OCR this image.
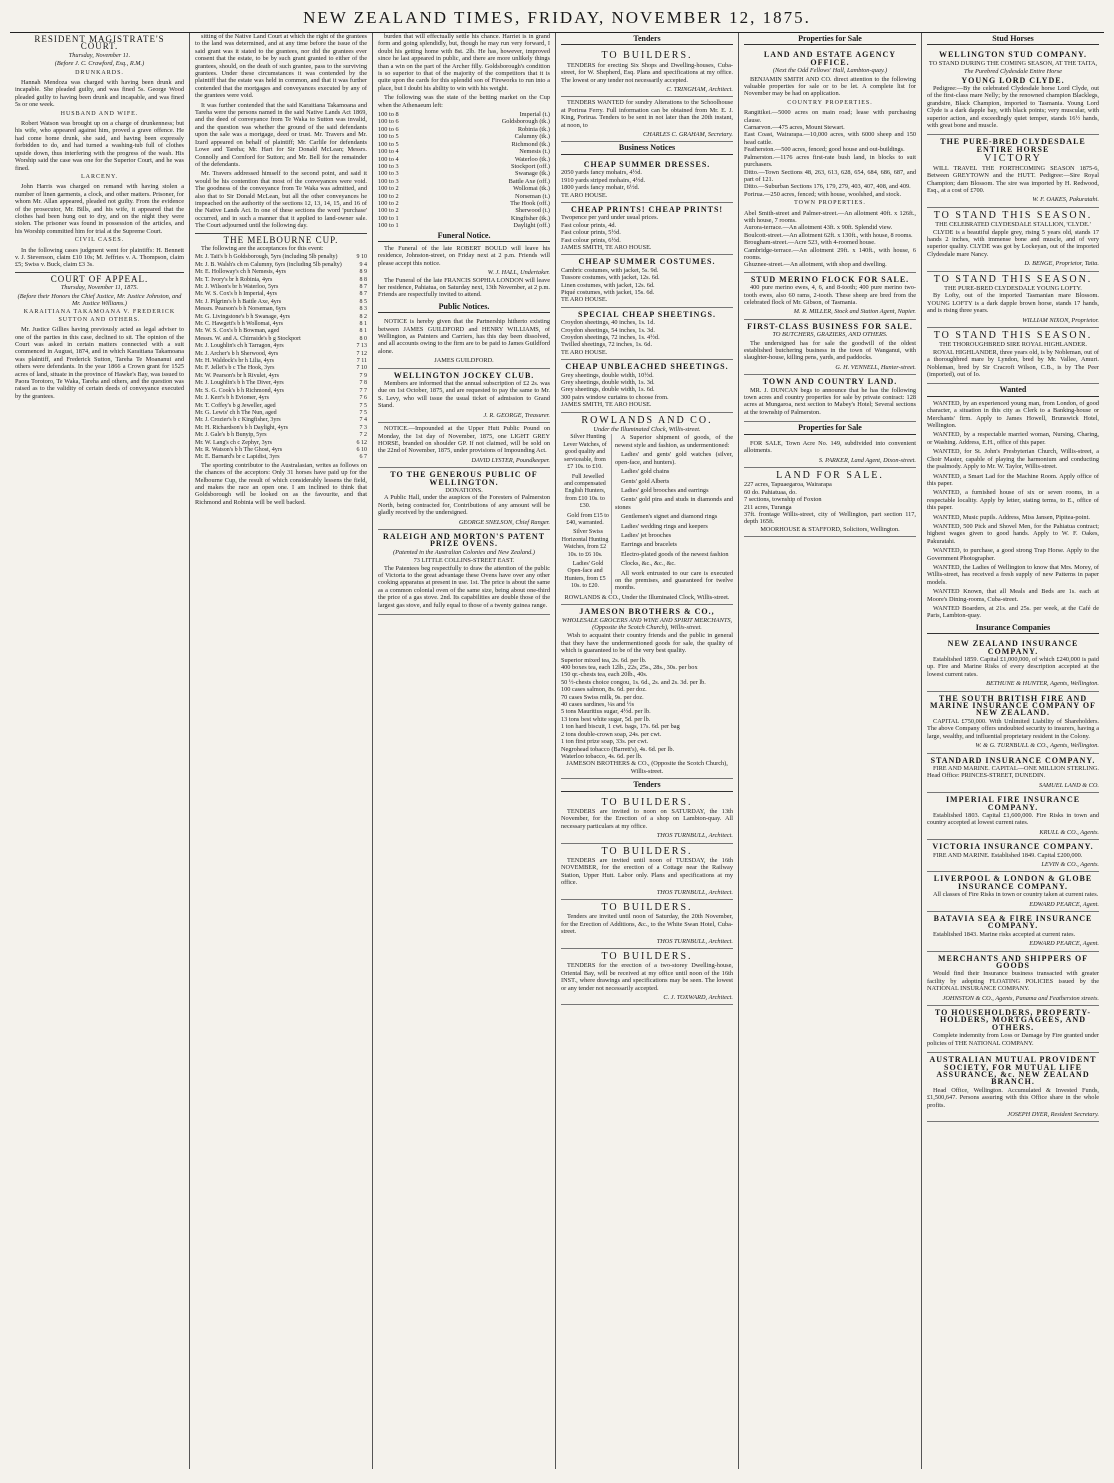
NEW ZEALAND TIMES, FRIDAY, NOVEMBER 12, 1875.
RESIDENT MAGISTRATE'S COURT.
Thursday, November 11.
(Before J. C. Crawford, Esq., R.M.)
DRUNKARDS.

Hannah Mendoza was charged with having been drunk and incapable. She pleaded guilty, and was fined 5s. George Wood pleaded guilty to having been drunk and incapable, and was fined 5s or one week.

HUSBAND AND WIFE.

Robert Watson was brought up on a charge of drunkenness; but his wife, who appeared against him, proved a grave offence. He had come home drunk, she said, and having been expressly forbidden to do, and had turned a washing-tub full of clothes upside down, thus interfering with the progress of the wash. His Worship said the case was one for the Superior Court, and he was fined.

LARCENY.

John Harris was charged on remand with having stolen a number of linen garments, a clock, and other matters. Prisoner, for whom Mr. Allan appeared, pleaded not guilty. From the evidence of the prosecutor, Mr. Bills, and his wife, it appeared that the clothes had been hung out to dry, and on the night they were stolen. The prisoner was found in possession of the articles, and his Worship committed him for trial at the Supreme Court.

CIVIL CASES.

In the following cases judgment went for plaintiffs: H. Bennett v. J. Stevenson, claim £10 10s; M. Jeffries v. A. Thompson, claim £5; Swiss v. Buck, claim £3 3s.

COURT OF APPEAL.
Thursday, November 11, 1875.
(Before their Honors the Chief Justice, Mr. Justice Johnston, and Mr. Justice Williams.)
KARAITIANA TAKAMOANA V. FREDERICK SUTTON AND OTHERS.

Mr. Justice Gillies having previously acted as legal adviser to one of the parties in this case, declined to sit. The opinion of the Court was asked in certain matters connected with a suit commenced in August, 1874, and in which Karaitiana Takamoana was plaintiff, and Frederick Sutton, Tareha Te Moananui and others were defendants. In the year 1866 a Crown grant for 1525 acres of land, situate in the province of Hawke's Bay, was issued to Paora Torotoro, Te Waka, Tareha and others, and the question was raised as to the validity of certain deeds of conveyance executed by the grantees.

sitting of the Native Land Court at which the right of the grantees to the land was determined, and at any time before the issue of the said grant was it stated to the grantees, nor did the grantees ever consent that the estate, to be by such grant granted to either of the grantees, should, on the death of such grantee, pass to the surviving grantees. Under these circumstances it was contended by the plaintiff that the estate was held in common, and that it was further contended that the mortgages and conveyances executed by any of the grantees were void.

It was further contended that the said Karaitiana Takamoana and Tareha were the persons named in the said Native Lands Act 1869, and the deed of conveyance from Te Waka to Sutton was invalid, and the question was whether the ground of the said defendants upon the sale was a mortgage, deed or trust. Mr. Travers and Mr. Izard appeared on behalf of plaintiff; Mr. Carlile for defendants Lowe and Tareha; Mr. Hart for Sir Donald McLean; Messrs. Connolly and Cornford for Sutton; and Mr. Bell for the remainder of the defendants.

Mr. Travers addressed himself to the second point, and said it would be his contention that most of the conveyances were void. The goodness of the conveyance from Te Waka was admitted, and also that to Sir Donald McLean, but all the other conveyances he impeached on the authority of the sections 12, 13, 14, 15, and 16 of the Native Lands Act. In one of these sections the word 'purchase' occurred, and in such a manner that it applied to land-owner sale. The Court adjourned until the following day.

THE MELBOURNE CUP.

The following are the acceptances for this event:

Mr. J. Tait's b h Goldsborough, 5yrs (including 5lb penalty)	9 10
Mr. J. B. Walsh's ch m Calumny, 6yrs (including 5lb penalty)	9 4
Mr. E. Holloway's ch h Nemesis, 4yrs	8 9
Mr. T. Ivory's br h Robinia, 4yrs	8 8
Mr. J. Wilson's br h Waterloo, 5yrs	8 7
Mr. W. S. Cox's b h Imperial, 4yrs	8 7
Mr. J. Pilgrim's b h Battle Axe, 4yrs	8 5
Messrs. Pearson's b h Norseman, 6yrs	8 3
Mr. G. Livingstone's b h Swanage, 4yrs	8 2
Mr. C. Hawgett's b h Wollomai, 4yrs	8 1
Mr. W. S. Cox's b h Bowman, aged	8 1
Messrs. W. and A. Chirnside's b g Stockport	8 0
Mr. J. Loughlin's ch h Tarragon, 4yrs	7 13
Mr. J. Archer's b h Sherwood, 4yrs	7 12
Mr. H. Waldock's br h Lilia, 4yrs	7 11
Mr. F. Jellet's b c The Hook, 3yrs	7 10
Mr. W. Pearson's br h Rivulet, 4yrs	7 9
Mr. J. Loughlin's b h The Diver, 4yrs	7 8
Mr. S. G. Cook's b h Richmond, 4yrs	7 7
Mr. J. Kerr's b h Eviomer, 4yrs	7 6
Mr. T. Coffey's b g Jeweller, aged	7 5
Mr. G. Lewis' ch h The Nun, aged	7 5
Mr. J. Crozier's b c Kingfisher, 3yrs	7 4
Mr. H. Richardson's b h Daylight, 4yrs	7 3
Mr. J. Gale's b h Bunyip, 5yrs	7 2
Mr. W. Lang's ch c Zephyr, 3yrs	6 12
Mr. R. Watson's b h The Ghost, 4yrs	6 10
Mr. E. Barnard's br c Lapidist, 3yrs	6 7

The sporting contributor to the Australasian, writes as follows on the chances of the acceptors: Only 31 horses have paid up for the Melbourne Cup, the result of which considerably lessens the field, and makes the race an open one. I am inclined to think that Goldsborough will be looked on as the favourite, and that Richmond and Robinia will be well backed.

burden that will effectually settle his chance. Harriet is in grand form and going splendidly, but, though he may run very forward, I doubt his getting home with 8st. 2lb. He has, however, improved since he last appeared in public, and there are more unlikely things than a win on the part of the Archer filly. Goldsborough's condition is so superior to that of the majority of the competitors that it is quite upon the cards for this splendid son of Fireworks to run into a place, but I doubt his ability to win with his weight.

The following was the state of the betting market on the Cup when the Athenaeum left:

100 to 8	Imperial (t.)
100 to 6	Goldsborough (tk.)
100 to 6	Robinia (tk.)
100 to 5	Calumny (tk.)
100 to 5	Richmond (tk.)
100 to 4	Nemesis (t.)
100 to 4	Waterloo (tk.)
100 to 3	Stockport (off.)
100 to 3	Swanage (tk.)
100 to 3	Battle Axe (off.)
100 to 2	Wollomai (tk.)
100 to 2	Norseman (t.)
100 to 2	The Hook (off.)
100 to 2	Sherwood (t.)
100 to 1	Kingfisher (tk.)
100 to 1	Daylight (off.)
Funeral Notice.

The Funeral of the late ROBERT BOULD will leave his residence, Johnston-street, on Friday next at 2 p.m. Friends will please accept this notice.

W. J. HALL, Undertaker.

The Funeral of the late FRANCIS SOPHIA LONDON will leave her residence, Pahiatua, on Saturday next, 13th November, at 2 p.m. Friends are respectfully invited to attend.

Public Notices.

NOTICE is hereby given that the Partnership hitherto existing between JAMES GUILDFORD and HENRY WILLIAMS, of Wellington, as Painters and Carriers, has this day been dissolved, and all accounts owing to the firm are to be paid to James Guildford alone.

JAMES GUILDFORD.
WELLINGTON JOCKEY CLUB.

Members are informed that the annual subscription of £2 2s. was due on 1st October, 1875, and are requested to pay the same to Mr. S. Levy, who will issue the usual ticket of admission to Grand Stand.

J. R. GEORGE, Treasurer.

NOTICE.—Impounded at the Upper Hutt Public Pound on Monday, the 1st day of November, 1875, one LIGHT GREY HORSE, branded on shoulder GP. If not claimed, will be sold on the 22nd of November, 1875, under provisions of Impounding Act.

DAVID LYSTER, Poundkeeper.
TO THE GENEROUS PUBLIC OF WELLINGTON.
DONATIONS.

A Public Hall, under the auspices of the Foresters of Palmerston North, being contracted for, Contributions of any amount will be gladly received by the undersigned.

GEORGE SNELSON, Chief Ranger.
RALEIGH AND MORTON'S PATENT PRIZE OVENS.
(Patented in the Australian Colonies and New Zealand.)
73 LITTLE COLLINS-STREET EAST.

The Patentees beg respectfully to draw the attention of the public of Victoria to the great advantage these Ovens have over any other cooking apparatus at present in use. 1st. The price is about the same as a common colonial oven of the same size, being about one-third the price of a gas stove. 2nd. Its capabilities are double those of the largest gas stove, and fully equal to those of a twenty guinea range.

Tenders
TO BUILDERS.

TENDERS for erecting Six Shops and Dwelling-houses, Cuba-street, for W. Shepherd, Esq. Plans and specifications at my office. The lowest or any tender not necessarily accepted.

C. TRINGHAM, Architect.

TENDERS WANTED for sundry Alterations to the Schoolhouse at Porirua Ferry. Full information can be obtained from Mr. E. J. King, Porirua. Tenders to be sent in not later than the 20th instant, at noon, to

CHARLES C. GRAHAM, Secretary.
Business Notices
CHEAP SUMMER DRESSES.
2050 yards fancy mohairs, 4½d.
1910 yards striped mohairs, 4½d.
1800 yards fancy mohair, 6½d.
TE ARO HOUSE.
CHEAP PRINTS! CHEAP PRINTS!
Twopence per yard under usual prices.
Fast colour prints, 4d.
Fast colour prints, 5½d.
Fast colour prints, 6½d.
JAMES SMITH, TE ARO HOUSE.
CHEAP SUMMER COSTUMES.
Cambric costumes, with jacket, 5s. 9d.
Tussore costumes, with jacket, 12s. 6d.
Linen costumes, with jacket, 12s. 6d.
Piqué costumes, with jacket, 15s. 6d.
TE ARO HOUSE.
SPECIAL CHEAP SHEETINGS.
Croydon sheetings, 40 inches, 1s. 1d.
Croydon sheetings, 54 inches, 1s. 3d.
Croydon sheetings, 72 inches, 1s. 4½d.
Twilled sheetings, 72 inches, 1s. 6d.
TE ARO HOUSE.
CHEAP UNBLEACHED SHEETINGS.
Grey sheetings, double width, 10½d.
Grey sheetings, double width, 1s. 3d.
Grey sheetings, double width, 1s. 6d.
300 pairs window curtains to choose from.
JAMES SMITH, TE ARO HOUSE.
ROWLANDS AND CO.
Under the Illuminated Clock, Willis-street.

Silver Hunting Lever Watches, of good quality and serviceable, from £7 10s. to £10.

Full Jewelled and compensated English Hunters, from £10 10s. to £30.

Gold from £15 to £40, warranted.

Silver Swiss Horizontal Hunting Watches, from £2 10s. to £6 10s.

Ladies' Gold Open-face and Hunters, from £5 10s. to £20.

A Superior shipment of goods, of the newest style and fashion, as undermentioned:

Ladies' and gents' gold watches (silver, open-face, and hunters).

Ladies' gold chains

Gents' gold Alberts

Ladies' gold brooches and earrings

Gents' gold pins and studs in diamonds and stones

Gentlemen's signet and diamond rings

Ladies' wedding rings and keepers

Ladies' jet brooches

Earrings and bracelets

Electro-plated goods of the newest fashion

Clocks, &c., &c., &c.

All work entrusted to our care is executed on the premises, and guaranteed for twelve months.

ROWLANDS & CO., Under the Illuminated Clock, Willis-street.
JAMESON BROTHERS & CO.,
WHOLESALE GROCERS AND WINE AND SPIRIT MERCHANTS, (Opposite the Scotch Church), Willis-street.

Wish to acquaint their country friends and the public in general that they have the undermentioned goods for sale, the quality of which is guaranteed to be of the very best quality.

Superior mixed tea, 2s. 6d. per lb.
400 boxes tea, each 12lb., 22s, 25s., 28s., 30s. per box
150 qr.-chests tea, each 20lb., 40s.
50 ½-chests choice congou, 1s. 6d., 2s. and 2s. 3d. per lb.
100 cases salmon, 8s. 6d. per doz.
70 cases Swiss milk, 9s. per doz.
40 cases sardines, ¼s and ½s
5 tons Mauritius sugar, 4½d. per lb.
13 tons best white sugar, 5d. per lb.
1 ton hard biscuit, 1 cwt. bags, 17s. 6d. per bag
2 tons double-crown soap, 24s. per cwt.
1 ton first prize soap, 33s. per cwt.
Negrohead tobacco (Barrett's), 4s. 6d. per lb.
Waterloo tobacco, 4s. 6d. per lb.
JAMESON BROTHERS & CO., (Opposite the Scotch Church), Willis-street.
Tenders
TO BUILDERS.

TENDERS are invited to noon on SATURDAY, the 13th November, for the Erection of a shop on Lambton-quay. All necessary particulars at my office.

THOS TURNBULL, Architect.
TO BUILDERS.

TENDERS are invited until noon of TUESDAY, the 16th NOVEMBER, for the erection of a Cottage near the Railway Station, Upper Hutt. Labor only. Plans and specifications at my office.

THOS TURNBULL, Architect.
TO BUILDERS.

Tenders are invited until noon of Saturday, the 20th November, for the Erection of Additions, &c., to the White Swan Hotel, Cuba-street.

THOS TURNBULL, Architect.
TO BUILDERS.

TENDERS for the erection of a two-storey Dwelling-house, Oriental Bay, will be received at my office until noon of the 16th INST., where drawings and specifications may be seen. The lowest or any tender not necessarily accepted.

C. J. TOXWARD, Architect.
Properties for Sale
LAND AND ESTATE AGENCY OFFICE.
(Next the Odd Fellows' Hall, Lambton-quay.)

BENJAMIN SMITH AND CO. direct attention to the following valuable properties for sale or to be let. A complete list for November may be had on application.

COUNTRY PROPERTIES.
Rangitikei.—5000 acres on main road; lease with purchasing clause.
Carnarvon.—475 acres, Mount Stewart.
East Coast, Wairarapa.—10,000 acres, with 6000 sheep and 150 head cattle.
Featherston.—500 acres, fenced; good house and out-buildings.
Palmerston.—1176 acres first-rate bush land, in blocks to suit purchasers.
Ditto.—Town Sections 48, 263, 613, 628, 654, 684, 686, 687, and part of 121.
Ditto.—Suburban Sections 176, 179, 279, 403, 407, 408, and 409.
Porirua.—250 acres, fenced; with house, woolshed, and stock.
TOWN PROPERTIES.
Abel Smith-street and Palmer-street.—An allotment 40ft. x 126ft., with house, 7 rooms.
Aurora-terrace.—An allotment 43ft. x 90ft. Splendid view.
Boulcott-street.—An allotment 62ft. x 130ft., with house, 8 rooms.
Brougham-street.—Acre 523, with 4-roomed house.
Cambridge-terrace.—An allotment 29ft. x 140ft., with house, 6 rooms.
Ghuznee-street.—An allotment, with shop and dwelling.
STUD MERINO FLOCK FOR SALE.

400 pure merino ewes, 4, 6, and 8-tooth; 400 pure merino two-tooth ewes, also 60 rams, 2-tooth. These sheep are bred from the celebrated flock of Mr. Gibson, of Tasmania.

M. R. MILLER, Stock and Station Agent, Napier.
FIRST-CLASS BUSINESS FOR SALE.
TO BUTCHERS, GRAZIERS, AND OTHERS.

The undersigned has for sale the goodwill of the oldest established butchering business in the town of Wanganui, with slaughter-house, killing pens, yards, and paddocks.

G. H. VENNELL, Hunter-street.
TOWN AND COUNTRY LAND.

MR. J. DUNCAN begs to announce that he has the following town acres and country properties for sale by private contract: 128 acres at Mungaroa, next section to Mabey's Hotel; Several sections at the township of Palmerston.

Properties for Sale

FOR SALE, Town Acre No. 149, subdivided into convenient allotments.

S. PARKER, Land Agent, Dixon-street.
LAND FOR SALE.
227 acres, Tapuaegaroa, Wairarapa
60 do. Pahiatuaa, do.
7 sections, township of Foxton
211 acres, Turanga
37ft. frontage Willis-street, city of Wellington, part section 117, depth 165ft.
MOORHOUSE & STAFFORD, Solicitors, Wellington.
Stud Horses
WELLINGTON STUD COMPANY.
TO STAND DURING THE COMING SEASON, AT THE TAITA,
The Purebred Clydesdale Entire Horse
YOUNG LORD CLYDE.

Pedigree:—By the celebrated Clydesdale horse Lord Clyde, out of the first-class mare Nelly; by the renowned champion Blacklegs, grandsire, Black Champion, imported to Tasmania. Young Lord Clyde is a dark dapple bay, with black points; very muscular, with superior action, and exceedingly quiet temper, stands 16½ hands, with great bone and muscle.

THE PURE-BRED CLYDESDALE ENTIRE HORSE
VICTORY

WILL TRAVEL THE FORTHCOMING SEASON 1875-6, Between GREYTOWN and the HUTT. Pedigree:—Sire Royal Champion; dam Blossom. The sire was imported by H. Redwood, Esq., at a cost of £700.

W. F. OAKES, Pakuratahi.
TO STAND THIS SEASON.
THE CELEBRATED CLYDESDALE STALLION, 'CLYDE.'

CLYDE is a beautiful dapple grey, rising 5 years old, stands 17 hands 2 inches, with immense bone and muscle, and of very superior quality. CLYDE was got by Lockeyan, out of the imported Clydesdale mare Nancy.

D. BENGE, Proprietor, Taita.
TO STAND THIS SEASON.
THE PURE-BRED CLYDESDALE YOUNG LOFTY.

By Lofty, out of the imported Tasmanian mare Blossom. YOUNG LOFTY is a dark dapple brown horse, stands 17 hands, and is rising three years.

WILLIAM NIXON, Proprietor.
TO STAND THIS SEASON.
THE THOROUGHBRED SIRE ROYAL HIGHLANDER.

ROYAL HIGHLANDER, three years old, is by Nobleman, out of a thoroughbred mare by Lyndon, bred by Mr. Vallee, Amuri. Nobleman, bred by Sir Cracroft Wilson, C.B., is by The Peer (imported), out of Io.

Wanted

WANTED, by an experienced young man, from London, of good character, a situation in this city as Clerk to a Banking-house or Merchants' firm. Apply to James Howell, Brunswick Hotel, Wellington.

WANTED, by a respectable married woman, Nursing, Charing, or Washing. Address, E.H., office of this paper.

WANTED, for St. John's Presbyterian Church, Willis-street, a Choir Master, capable of playing the harmonium and conducting the psalmody. Apply to Mr. W. Taylor, Willis-street.

WANTED, a Smart Lad for the Machine Room. Apply office of this paper.

WANTED, a furnished house of six or seven rooms, in a respectable locality. Apply by letter, stating terms, to E., office of this paper.

WANTED, Music pupils. Address, Miss Jansen, Pipitea-point.

WANTED, 500 Pick and Shovel Men, for the Pahiatua contract; highest wages given to good hands. Apply to W. F. Oakes, Pakuratahi.

WANTED, to purchase, a good strong Trap Horse. Apply to the Government Photographer.

WANTED, the Ladies of Wellington to know that Mrs. Morey, of Willis-street, has received a fresh supply of new Patterns in paper models.

WANTED Known, that all Meals and Beds are 1s. each at Moore's Dining-rooms, Cuba-street.

WANTED Boarders, at 21s. and 25s. per week, at the Café de Paris, Lambton-quay.

Insurance Companies
NEW ZEALAND INSURANCE COMPANY.

Established 1859. Capital £1,000,000, of which £240,000 is paid up. Fire and Marine Risks of every description accepted at the lowest current rates.

BETHUNE & HUNTER, Agents, Wellington.
THE SOUTH BRITISH FIRE AND MARINE INSURANCE COMPANY OF NEW ZEALAND.

CAPITAL £750,000. With Unlimited Liability of Shareholders. The above Company offers undoubted security to insurers, having a large, wealthy, and influential proprietary resident in the Colony.

W. & G. TURNBULL & CO., Agents, Wellington.
STANDARD INSURANCE COMPANY.

FIRE AND MARINE. CAPITAL—ONE MILLION STERLING. Head Office: PRINCES-STREET, DUNEDIN.

SAMUEL LAND & CO.
IMPERIAL FIRE INSURANCE COMPANY.

Established 1803. Capital £1,600,000. Fire Risks in town and country accepted at lowest current rates.

KRULL & CO., Agents.
VICTORIA INSURANCE COMPANY.

FIRE AND MARINE. Established 1849. Capital £200,000.

LEVIN & CO., Agents.
LIVERPOOL & LONDON & GLOBE INSURANCE COMPANY.

All classes of Fire Risks in town or country taken at current rates.

EDWARD PEARCE, Agent.
BATAVIA SEA & FIRE INSURANCE COMPANY.

Established 1843. Marine risks accepted at current rates.

EDWARD PEARCE, Agent.
MERCHANTS AND SHIPPERS OF GOODS

Would find their Insurance business transacted with greater facility by adopting FLOATING POLICIES issued by the NATIONAL INSURANCE COMPANY.

JOHNSTON & CO., Agents, Panama and Featherston streets.
TO HOUSEHOLDERS, PROPERTY-HOLDERS, MORTGAGEES, AND OTHERS.

Complete indemnity from Loss or Damage by Fire granted under policies of THE NATIONAL COMPANY.

AUSTRALIAN MUTUAL PROVIDENT SOCIETY, FOR MUTUAL LIFE ASSURANCE, &c. NEW ZEALAND BRANCH.

Head Office, Wellington. Accumulated & Invested Funds, £1,500,647. Persons assuring with this Office share in the whole profits.

JOSEPH DYER, Resident Secretary.
